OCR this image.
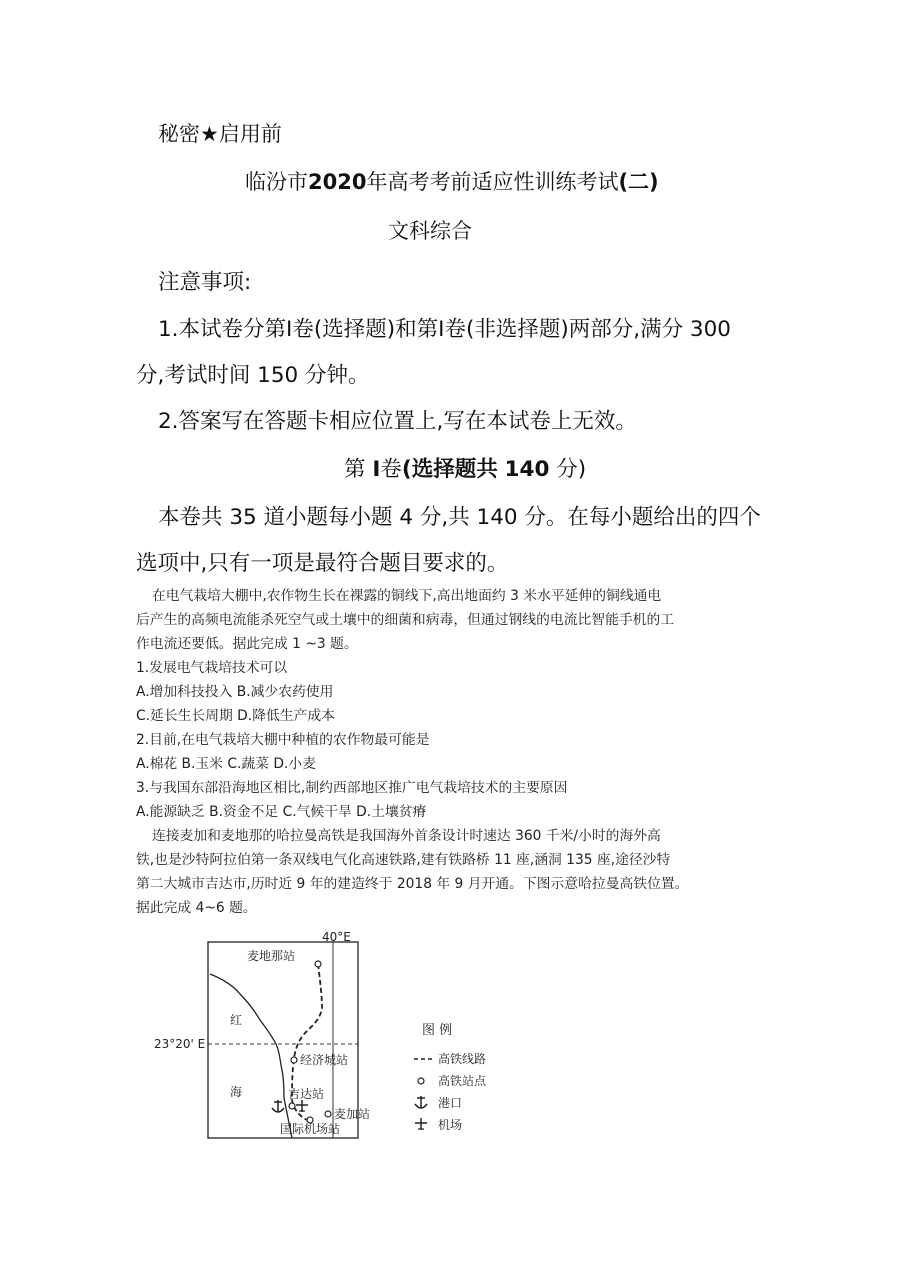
秘密★启用前
临汾市2020年高考考前适应性训练考试(二)
文科综合
注意事项:
1.本试卷分第Ⅰ卷(选择题)和第Ⅰ卷(非选择题)两部分,满分 300
分,考试时间 150 分钟。
2.答案写在答题卡相应位置上,写在本试卷上无效。
第 I卷(选择题共 140 分)
本卷共 35 道小题每小题 4 分,共 140 分。在每小题给出的四个
选项中,只有一项是最符合题目要求的。
在电气栽培大棚中,农作物生长在裸露的铜线下,高出地面约 3 米水平延伸的铜线通电
后产生的高频电流能杀死空气或土壤中的细菌和病毒，但通过钢线的电流比智能手机的工
作电流还要低。据此完成 1 ~3 题。
1.发展电气栽培技术可以
A.增加科技投入 B.减少农药使用
C.延长生长周期 D.降低生产成本
2.目前,在电气栽培大棚中种植的农作物最可能是
A.棉花 B.玉米 C.蔬菜 D.小麦
3.与我国东部沿海地区相比,制约西部地区推广电气栽培技术的主要原因
A.能源缺乏 B.资金不足 C.气候干旱 D.土壤贫瘠
连接麦加和麦地那的哈拉曼高铁是我国海外首条设计时速达 360 千米/小时的海外高
铁,也是沙特阿拉伯第一条双线电气化高速铁路,建有铁路桥 11 座,涵洞 135 座,途径沙特
第二大城市吉达市,历时近 9 年的建造终于 2018 年 9 月开通。下图示意哈拉曼高铁位置。
据此完成 4~6 题。
40°E
23°20' E
麦地那站
红
经济城站
海	吉达站
麦加站
国际机场站
图 例
高铁线路
高铁站点
港口
机场
